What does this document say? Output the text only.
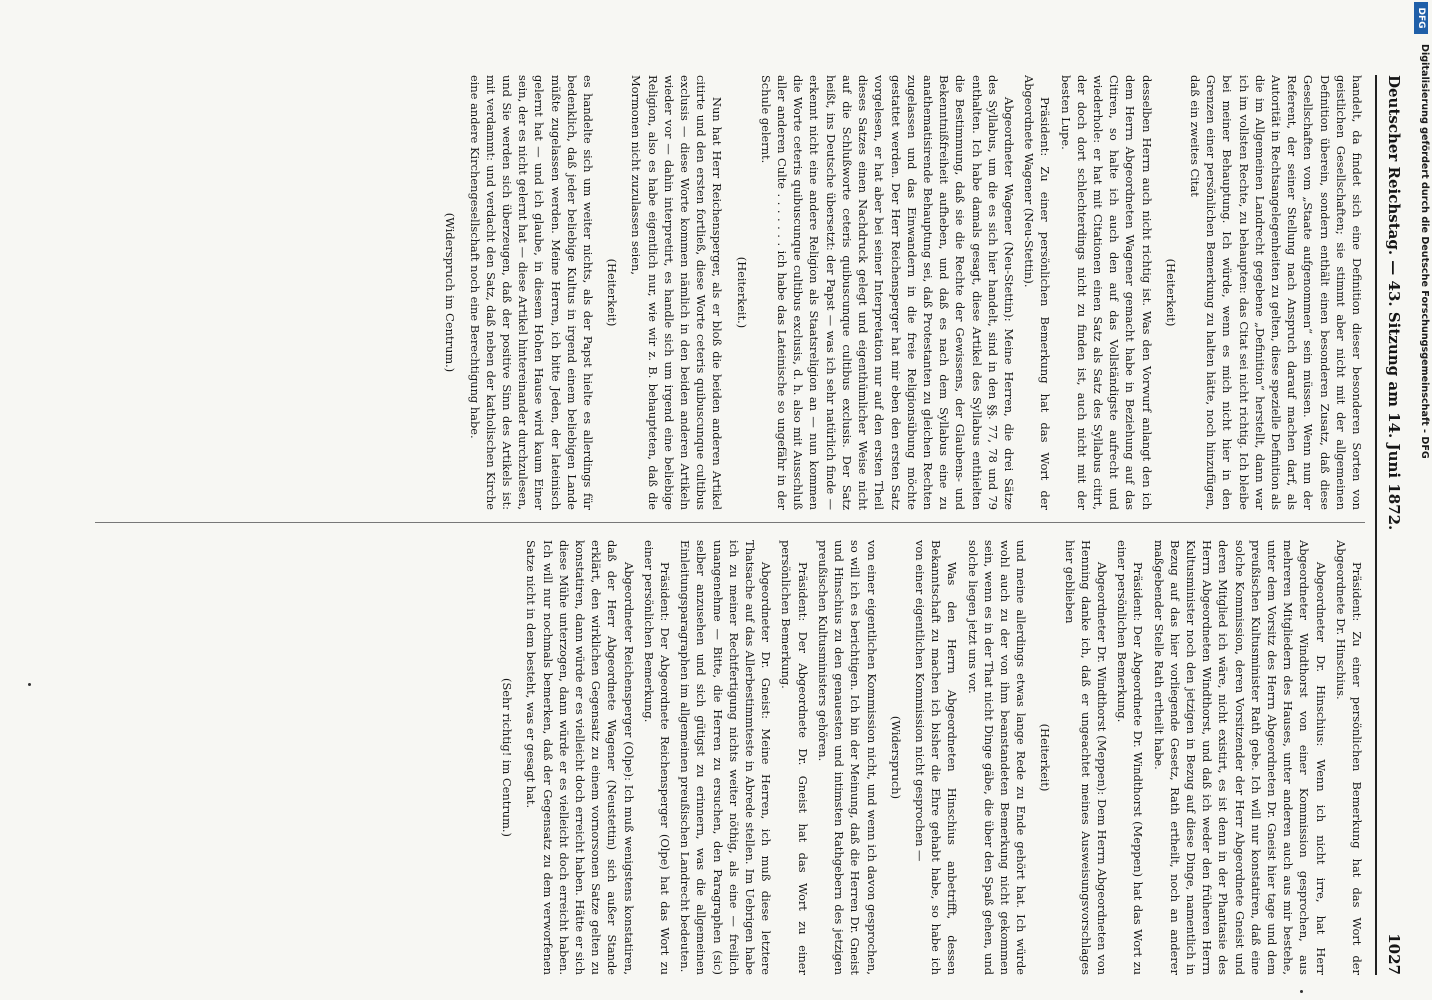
Deutscher Reichstag. — 43. Sitzung am 14. Juni 1872.
1027

handelt, da findet sich eine Definition dieser besonderen Sorten von geistlichen Gesellschaften; sie stimmt aber nicht mit der allgemeinen Definition überein, sondern enthält einen besonderen Zusatz, daß diese Gesellschaften vom „Staate aufgenommen“ sein müssen. Wenn nun der Referent, der seiner Stellung nach Anspruch darauf machen darf, als Autorität in Rechtsangelegenheiten zu gelten, diese spezielle Definition als die im Allgemeinen Landrecht gegebene „Definition“ herstellt, dann war ich im vollsten Rechte, zu behaupten: das Citat sei nicht richtig. Ich bleibe bei meiner Behauptung. Ich würde, wenn es mich nicht hier in den Grenzen einer persönlichen Bemerkung zu halten hätte, noch hinzufügen, daß ein zweites Citat

(Heiterkeit)

desselben Herrn auch nicht richtig ist. Was den Vorwurf anlangt den ich dem Herrn Abgeordneten Wagener gemacht habe in Beziehung auf das Citiren, so halte ich auch den auf das Vollständigste aufrecht und wiederhole: er hat mit Citationen einen Satz als Satz des Syllabus citirt, der doch dort schlechterdings nicht zu finden ist, auch nicht mit der besten Lupe.

Präsident: Zu einer persönlichen Bemerkung hat das Wort der Abgeordnete Wagener (Neu-Stettin).

Abgeordneter Wagener (Neu-Stettin): Meine Herren, die drei Sätze des Syllabus, um die es sich hier handelt, sind in den §§. 77, 78 und 79 enthalten. Ich habe damals gesagt, diese Artikel des Syllabus enthielten die Bestimmung, daß sie die Rechte der Gewissens, der Glaubens- und Bekenntnißfreiheit aufheben, und daß es nach dem Syllabus eine zu anathematisirende Behauptung sei, daß Protestanten zu gleichen Rechten zugelassen und das Einwandern in die freie Religionsübung möchte gestattet werden. Der Herr Reichensperger hat mir eben den ersten Satz vorgelesen, er hat aber bei seiner Interpretation nur auf den ersten Theil dieses Satzes einen Nachdruck gelegt und eigenthümlicher Weise nicht auf die Schlußworte ceteris quibuscunque cultibus exclusis. Der Satz heißt, ins Deutsche übersetzt: der Papst — was ich sehr natürlich finde — erkennt nicht eine andere Religion als Staatsreligion an — nun kommen die Worte ceteris quibuscunque cultibus exclusis, d. h. also mit Ausschluß aller anderen Culte . . . . . . . ich habe das Lateinische so ungefähr in der Schule gelernt.

(Heiterkeit.)

Nun hat Herr Reichensperger, als er bloß die beiden anderen Artikel citirte und den ersten fortließ, diese Worte ceteris quibuscunque cultibus exclusis — diese Worte kommen nämlich in den beiden anderen Artikeln wieder vor — dahin interpretirt, es handle sich um irgend eine beliebige Religion, also es habe eigentlich nur, wie wir z. B. behaupteten, daß die Mormonen nicht zuzulassen seien,

(Heiterkeit)

es handelte sich um weiter nichts, als der Papst hielte es allerdings für bedenklich, daß jeder beliebige Kultus in irgend einem beliebigen Lande müßte zugelassen werden. Meine Herren, ich bitte Jeden, der lateinisch gelernt hat — und ich glaube, in diesem Hohen Hause wird kaum Einer sein, der es nicht gelernt hat — diese Artikel hintereinander durchzulesen, und Sie werden sich überzeugen, daß der positive Sinn des Artikels ist: mit verdammt: und verdacht den Satz, daß neben der katholischen Kirche eine andere Kirchengesellschaft noch eine Berechtigung habe.

(Widerspruch im Centrum.)

Präsident: Zu einer persönlichen Bemerkung hat das Wort der Abgeordnete Dr. Hinschius.

Abgeordneter Dr. Hinschius: Wenn ich nicht irre, hat Herr Abgeordneter Windthorst von einer Kommission gesprochen, aus mehreren Mitgliedern des Hauses, unter anderen auch aus mir bestehe, unter dem Vorsitz des Herrn Abgeordneten Dr. Gneist hier tage und dem preußischen Kultusminister Rath gebe. Ich will nur konstatiren, daß eine solche Kommission, deren Vorsitzender der Herr Abgeordnete Gneist und deren Mitglied ich wäre, nicht existirt, es ist denn in der Phantasie des Herrn Abgeordneten Windthorst, und daß ich weder den früheren Herrn Kultusminister noch den jetzigen in Bezug auf diese Dinge, namentlich in Bezug auf das hier vorliegende Gesetz, Rath ertheilt, noch an anderer maßgebender Stelle Rath ertheilt habe.

Präsident: Der Abgeordnete Dr. Windthorst (Meppen) hat das Wort zu einer persönlichen Bemerkung.

Abgeordneter Dr. Windthorst (Meppen): Dem Herrn Abgeordneten von Henning danke ich, daß er ungeachtet meines Ausweisungsvorschlages hier geblieben

(Heiterkeit)

und meine allerdings etwas lange Rede zu Ende gehört hat. Ich würde wohl auch zu der von ihm beanstandeten Bemerkung nicht gekommen sein, wenn es in der That nicht Dinge gäbe, die über den Spaß gehen, und solche liegen jetzt uns vor.

Was den Herrn Abgeordneten Hinschius anbetrifft, dessen Bekanntschaft zu machen ich bisher die Ehre gehabt habe, so habe ich von einer eigentlichen Kommission nicht gesprochen —

(Widerspruch)

von einer eigentlichen Kommission nicht, und wenn ich davon gesprochen, so will ich es berichtigen. Ich bin der Meinung, daß die Herren Dr. Gneist und Hinschius zu den genauesten und intimsten Rathgebern des jetzigen preußischen Kultusministers gehören.

Präsident: Der Abgeordnete Dr. Gneist hat das Wort zu einer persönlichen Bemerkung.

Abgeordneter Dr. Gneist: Meine Herren, ich muß diese letztere Thatsache auf das Allerbestimmteste in Abrede stellen. Im Uebrigen habe ich zu meiner Rechtfertigung nichts weiter nöthig, als eine — freilich unangenehme — Bitte, die Herren zu ersuchen, den Paragraphen (sic) selber anzusehen und sich gütigst zu erinnern, was die allgemeinen Einleitungsparagraphen im allgemeinen preußischen Landrecht bedeuten.

Präsident: Der Abgeordnete Reichensperger (Olpe) hat das Wort zu einer persönlichen Bemerkung.

Abgeordneter Reichensperger (Olpe): Ich muß wenigstens konstatiren, daß der Herr Abgeordnete Wagener (Neustettin) sich außer Stande erklärt, den wirklichen Gegensatz zu einem vornorsonen Satze gelten zu konstatiren, dann würde er es vielleicht doch erreicht haben. Hätte er sich diese Mühe unterzogen, dann würde er es vielleicht doch erreicht haben. Ich will nur nochmals bemerken, daß der Gegensatz zu dem verworfenen Satze nicht in dem besteht, was er gesagt hat.

(Sehr richtig! im Centrum.)

DFG
Digitalisierung gefördert durch die Deutsche Forschungsgemeinschaft - DFG
